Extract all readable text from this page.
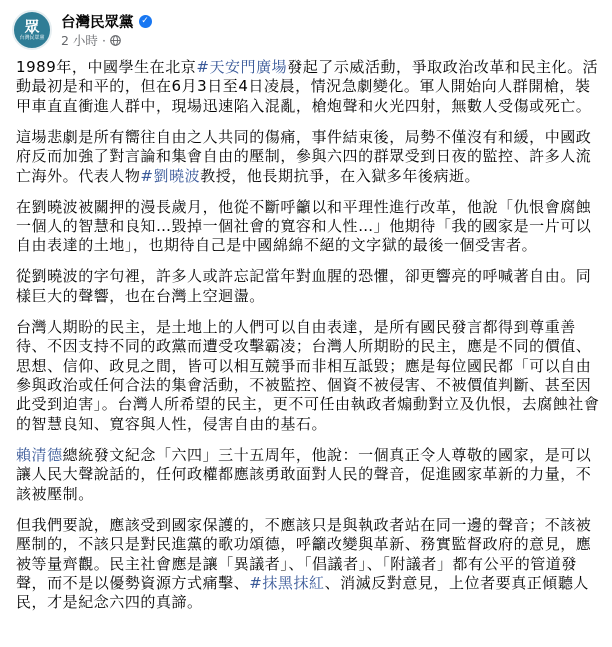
眾
台灣民眾黨
台灣民眾黨 ✓
2 小時 ·

1989年，中國學生在北京#天安門廣場發起了示威活動，爭取政治改革和民主化。活動最初是和平的，但在6月3日至4日凌晨，情況急劇變化。軍人開始向人群開槍，裝甲車直直衝進人群中，現場迅速陷入混亂，槍炮聲和火光四射，無數人受傷或死亡。

這場悲劇是所有嚮往自由之人共同的傷痛，事件結束後，局勢不僅沒有和緩，中國政府反而加強了對言論和集會自由的壓制，參與六四的群眾受到日夜的監控、許多人流亡海外。代表人物#劉曉波教授，他長期抗爭，在入獄多年後病逝。

在劉曉波被關押的漫長歲月，他從不斷呼籲以和平理性進行改革，他說「仇恨會腐蝕一個人的智慧和良知…毀掉一個社會的寬容和人性…」他期待「我的國家是一片可以自由表達的土地」，也期待自己是中國綿綿不絕的文字獄的最後一個受害者。

從劉曉波的字句裡，許多人或許忘記當年對血腥的恐懼，卻更響亮的呼喊著自由。同樣巨大的聲響，也在台灣上空迴盪。

台灣人期盼的民主，是土地上的人們可以自由表達，是所有國民發言都得到尊重善待、不因支持不同的政黨而遭受攻擊霸凌；台灣人所期盼的民主，應是不同的價值、思想、信仰、政見之間，皆可以相互競爭而非相互詆毀；應是每位國民都「可以自由參與政治或任何合法的集會活動，不被監控、個資不被侵害、不被價值判斷、甚至因此受到迫害」。台灣人所希望的民主，更不可任由執政者煽動對立及仇恨，去腐蝕社會的智慧良知、寬容與人性，侵害自由的基石。

賴清德總統發文紀念「六四」三十五周年，他說：一個真正令人尊敬的國家，是可以讓人民大聲說話的，任何政權都應該勇敢面對人民的聲音，促進國家革新的力量，不該被壓制。

但我們要說，應該受到國家保護的，不應該只是與執政者站在同一邊的聲音；不該被壓制的，不該只是對民進黨的歌功頌德，呼籲改變與革新、務實監督政府的意見，應被等量齊觀。民主社會應是讓「異議者」、「倡議者」、「附議者」都有公平的管道發聲，而不是以優勢資源方式痛擊、#抹黑抹紅、消滅反對意見，上位者要真正傾聽人民，才是紀念六四的真諦。
